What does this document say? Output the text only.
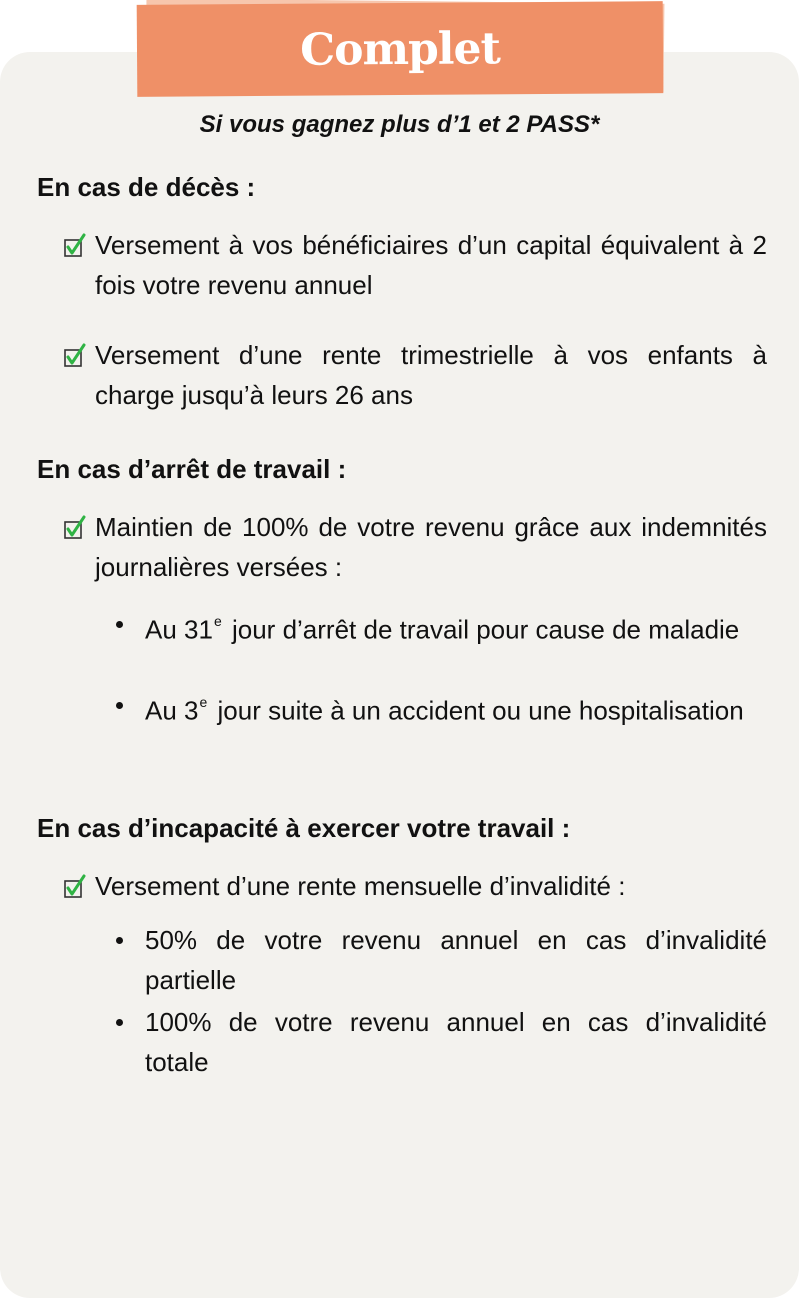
Complet
Si vous gagnez plus d’1 et 2 PASS*
En cas de décès :
Versement à vos bénéficiaires d’un capital équivalent à 2 fois votre revenu annuel
Versement d’une rente trimestrielle à vos enfants à charge jusqu’à leurs 26 ans
En cas d’arrêt de travail :
Maintien de 100% de votre revenu grâce aux indemnités journalières versées :
Au 31e jour d’arrêt de travail pour cause de maladie
Au 3e jour suite à un accident ou une hospitalisation
En cas d’incapacité à exercer votre travail :
Versement d’une rente mensuelle d’invalidité :
50% de votre revenu annuel en cas d’invalidité partielle
100% de votre revenu annuel en cas d’invalidité totale
